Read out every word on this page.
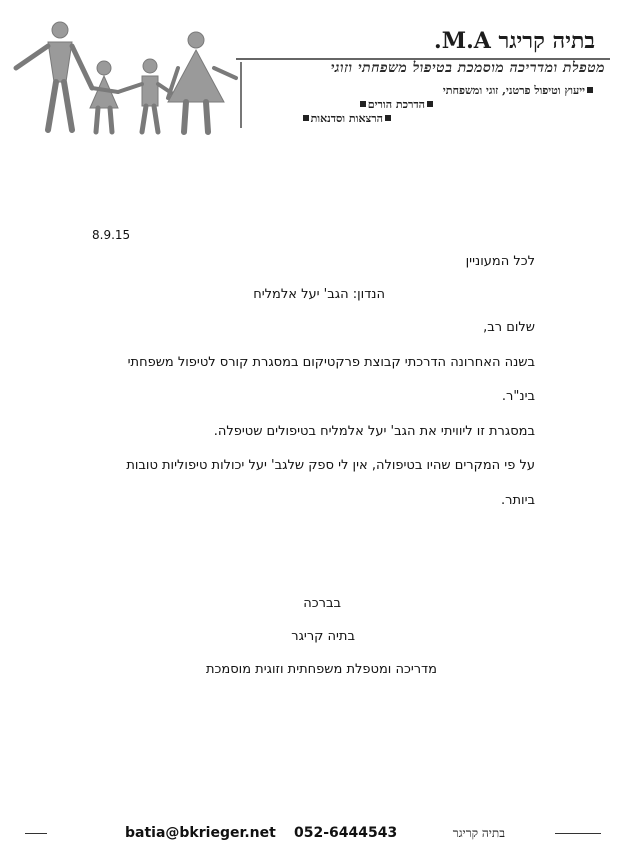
בתיה קריגר M.A.
מטפלת ומדריכה מוסמכת בטיפול משפחתי וזוגי
ייעוץ וטיפול פרטני, זוגי ומשפחתי
הדרכת הורים
הרצאות וסדנאות
8.9.15
לכל המעוניין
הנדון: הגב' יעל אלמליח
שלום רב,
בשנה האחרונה הדרכתי קבוצת פרקטיקום במסגרת קורס לטיפול משפחתי
בינ"ר.
במסגרת זו ליוויתי את הגב' יעל אלמליח בטיפולים שטיפלה.
על פי המקרים שהיו בטיפולה, אין לי ספק שלגב' יעל יכולות טיפוליות טובות
ביותר.
בברכה
בתיה קריגר
מדריכה ומטפלת משפחתית וזוגית מוסמכת
batia@bkrieger.net 052-6444543	בתיה קריגר
